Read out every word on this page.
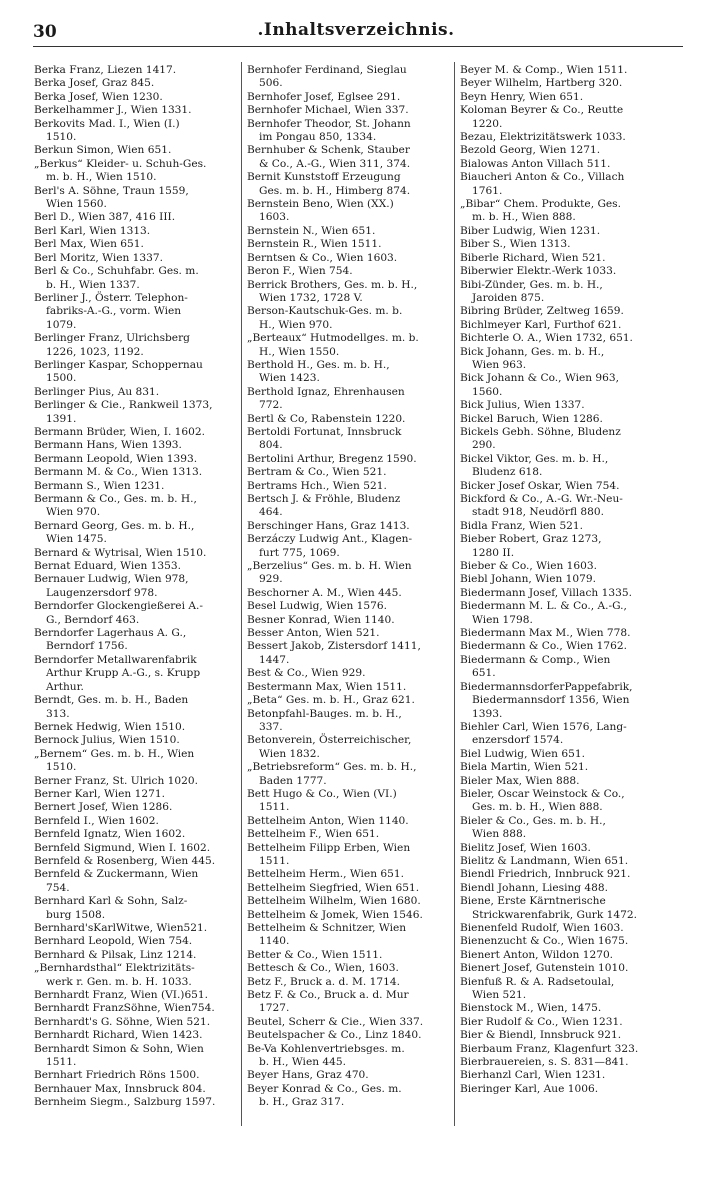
30	.Inhaltsverzeichnis.
Berka Franz, Liezen 1417.
Berka Josef, Graz 845.
Berka Josef, Wien 1230.
Berkelhammer J., Wien 1331.
Berkovits Mad. I., Wien (I.)
1510.
Berkun Simon, Wien 651.
„Berkus“ Kleider- u. Schuh-Ges.
m. b. H., Wien 1510.
Berl's A. Söhne, Traun 1559,
Wien 1560.
Berl D., Wien 387, 416 III.
Berl Karl, Wien 1313.
Berl Max, Wien 651.
Berl Moritz, Wien 1337.
Berl & Co., Schuhfabr. Ges. m.
b. H., Wien 1337.
Berliner J., Österr. Telephon-
fabriks-A.-G., vorm. Wien
1079.
Berlinger Franz, Ulrichsberg
1226, 1023, 1192.
Berlinger Kaspar, Schoppernau
1500.
Berlinger Pius, Au 831.
Berlinger & Cie., Rankweil 1373,
1391.
Bermann Brüder, Wien, I. 1602.
Bermann Hans, Wien 1393.
Bermann Leopold, Wien 1393.
Bermann M. & Co., Wien 1313.
Bermann S., Wien 1231.
Bermann & Co., Ges. m. b. H.,
Wien 970.
Bernard Georg, Ges. m. b. H.,
Wien 1475.
Bernard & Wytrisal, Wien 1510.
Bernat Eduard, Wien 1353.
Bernauer Ludwig, Wien 978,
Laugenzersdorf 978.
Berndorfer Glockengießerei A.-
G., Berndorf 463.
Berndorfer Lagerhaus A. G.,
Berndorf 1756.
Berndorfer Metallwarenfabrik
Arthur Krupp A.-G., s. Krupp
Arthur.
Berndt, Ges. m. b. H., Baden
313.
Bernek Hedwig, Wien 1510.
Bernock Julius, Wien 1510.
„Bernem“ Ges. m. b. H., Wien
1510.
Berner Franz, St. Ulrich 1020.
Berner Karl, Wien 1271.
Bernert Josef, Wien 1286.
Bernfeld I., Wien 1602.
Bernfeld Ignatz, Wien 1602.
Bernfeld Sigmund, Wien I. 1602.
Bernfeld & Rosenberg, Wien 445.
Bernfeld & Zuckermann, Wien
754.
Bernhard Karl & Sohn, Salz-
burg 1508.
Bernhard'sKarlWitwe, Wien521.
Bernhard Leopold, Wien 754.
Bernhard & Pilsak, Linz 1214.
„Bernhardsthal“ Elektrizitäts-
werk r. Gen. m. b. H. 1033.
Bernhardt Franz, Wien (VI.)651.
Bernhardt FranzSöhne, Wien754.
Bernhardt's G. Söhne, Wien 521.
Bernhardt Richard, Wien 1423.
Bernhardt Simon & Sohn, Wien
1511.
Bernhart Friedrich Röns 1500.
Bernhauer Max, Innsbruck 804.
Bernheim Siegm., Salzburg 1597.
Bernhofer Ferdinand, Sieglau
506.
Bernhofer Josef, Eglsee 291.
Bernhofer Michael, Wien 337.
Bernhofer Theodor, St. Johann
im Pongau 850, 1334.
Bernhuber & Schenk, Stauber
& Co., A.-G., Wien 311, 374.
Bernit Kunststoff Erzeugung
Ges. m. b. H., Himberg 874.
Bernstein Beno, Wien (XX.)
1603.
Bernstein N., Wien 651.
Bernstein R., Wien 1511.
Berntsen & Co., Wien 1603.
Beron F., Wien 754.
Berrick Brothers, Ges. m. b. H.,
Wien 1732, 1728 V.
Berson-Kautschuk-Ges. m. b.
H., Wien 970.
„Berteaux“ Hutmodellges. m. b.
H., Wien 1550.
Berthold H., Ges. m. b. H.,
Wien 1423.
Berthold Ignaz, Ehrenhausen
772.
Bertl & Co, Rabenstein 1220.
Bertoldi Fortunat, Innsbruck
804.
Bertolini Arthur, Bregenz 1590.
Bertram & Co., Wien 521.
Bertrams Hch., Wien 521.
Bertsch J. & Fröhle, Bludenz
464.
Berschinger Hans, Graz 1413.
Berzáczy Ludwig Ant., Klagen-
furt 775, 1069.
„Berzelius“ Ges. m. b. H. Wien
929.
Beschorner A. M., Wien 445.
Besel Ludwig, Wien 1576.
Besner Konrad, Wien 1140.
Besser Anton, Wien 521.
Bessert Jakob, Zistersdorf 1411,
1447.
Best & Co., Wien 929.
Bestermann Max, Wien 1511.
„Beta“ Ges. m. b. H., Graz 621.
Betonpfahl-Bauges. m. b. H.,
337.
Betonverein, Österreichischer,
Wien 1832.
„Betriebsreform“ Ges. m. b. H.,
Baden 1777.
Bett Hugo & Co., Wien (VI.)
1511.
Bettelheim Anton, Wien 1140.
Bettelheim F., Wien 651.
Bettelheim Filipp Erben, Wien
1511.
Bettelheim Herm., Wien 651.
Bettelheim Siegfried, Wien 651.
Bettelheim Wilhelm, Wien 1680.
Bettelheim & Jomek, Wien 1546.
Bettelheim & Schnitzer, Wien
1140.
Better & Co., Wien 1511.
Bettesch & Co., Wien, 1603.
Betz F., Bruck a. d. M. 1714.
Betz F. & Co., Bruck a. d. Mur
1727.
Beutel, Scherr & Cie., Wien 337.
Beutelspacher & Co., Linz 1840.
Be-Va Kohlenvertriebsges. m.
b. H., Wien 445.
Beyer Hans, Graz 470.
Beyer Konrad & Co., Ges. m.
b. H., Graz 317.
Beyer M. & Comp., Wien 1511.
Beyer Wilhelm, Hartberg 320.
Beyn Henry, Wien 651.
Koloman Beyrer & Co., Reutte
1220.
Bezau, Elektrizitätswerk 1033.
Bezold Georg, Wien 1271.
Bialowas Anton Villach 511.
Biaucheri Anton & Co., Villach
1761.
„Bibar“ Chem. Produkte, Ges.
m. b. H., Wien 888.
Biber Ludwig, Wien 1231.
Biber S., Wien 1313.
Biberle Richard, Wien 521.
Biberwier Elektr.-Werk 1033.
Bibi-Zünder, Ges. m. b. H.,
Jaroiden 875.
Bibring Brüder, Zeltweg 1659.
Bichlmeyer Karl, Furthof 621.
Bichterle O. A., Wien 1732, 651.
Bick Johann, Ges. m. b. H.,
Wien 963.
Bick Johann & Co., Wien 963,
1560.
Bick Julius, Wien 1337.
Bickel Baruch, Wien 1286.
Bickels Gebh. Söhne, Bludenz
290.
Bickel Viktor, Ges. m. b. H.,
Bludenz 618.
Bicker Josef Oskar, Wien 754.
Bickford & Co., A.-G. Wr.-Neu-
stadt 918, Neudörfl 880.
Bidla Franz, Wien 521.
Bieber Robert, Graz 1273,
1280 II.
Bieber & Co., Wien 1603.
Biebl Johann, Wien 1079.
Biedermann Josef, Villach 1335.
Biedermann M. L. & Co., A.-G.,
Wien 1798.
Biedermann Max M., Wien 778.
Biedermann & Co., Wien 1762.
Biedermann & Comp., Wien
651.
BiedermannsdorferPappefabrik,
Biedermannsdorf 1356, Wien
1393.
Biehler Carl, Wien 1576, Lang-
enzersdorf 1574.
Biel Ludwig, Wien 651.
Biela Martin, Wien 521.
Bieler Max, Wien 888.
Bieler, Oscar Weinstock & Co.,
Ges. m. b. H., Wien 888.
Bieler & Co., Ges. m. b. H.,
Wien 888.
Bielitz Josef, Wien 1603.
Bielitz & Landmann, Wien 651.
Biendl Friedrich, Innbruck 921.
Biendl Johann, Liesing 488.
Biene, Erste Kärntnerische
Strickwarenfabrik, Gurk 1472.
Bienenfeld Rudolf, Wien 1603.
Bienenzucht & Co., Wien 1675.
Bienert Anton, Wildon 1270.
Bienert Josef, Gutenstein 1010.
Bienfuß R. & A. Radsetoulal,
Wien 521.
Bienstock M., Wien, 1475.
Bier Rudolf & Co., Wien 1231.
Bier & Biendl, Innsbruck 921.
Bierbaum Franz, Klagenfurt 323.
Bierbrauereien, s. S. 831—841.
Bierhanzl Carl, Wien 1231.
Bieringer Karl, Aue 1006.
